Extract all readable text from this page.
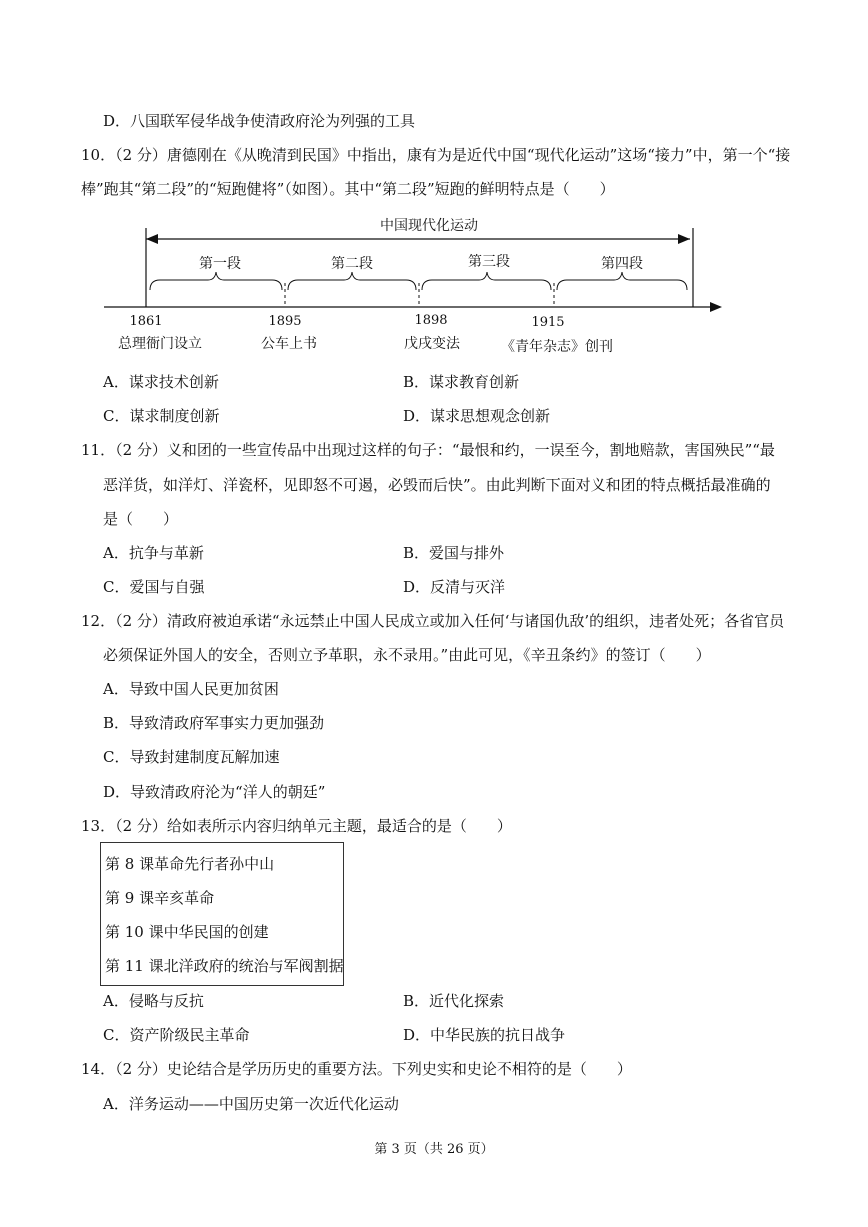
D．八国联军侵华战争使清政府沦为列强的工具
10．（2 分）唐德刚在《从晚清到民国》中指出，康有为是近代中国“现代化运动”这场“接力”中，第一个“接
棒”跑其“第二段”的“短跑健将”（如图）。其中“第二段”短跑的鲜明特点是（　　）
中国现代化运动
第一段	第二段	第三段	第四段
1861	1895	1898	1915
总理衙门设立	公车上书	戊戌变法	《青年杂志》创刊
A．谋求技术创新	B．谋求教育创新
C．谋求制度创新	D．谋求思想观念创新
11．（2 分）义和团的一些宣传品中出现过这样的句子：“最恨和约，一误至今，割地赔款，害国殃民”“最
恶洋货，如洋灯、洋瓷杯，见即怒不可遏，必毁而后快”。由此判断下面对义和团的特点概括最准确的
是（　　）
A．抗争与革新	B．爱国与排外
C．爱国与自强	D．反清与灭洋
12．（2 分）清政府被迫承诺“永远禁止中国人民成立或加入任何‘与诸国仇敌’的组织，违者处死；各省官员
必须保证外国人的安全，否则立予革职，永不录用。”由此可见，《辛丑条约》的签订（　　）
A．导致中国人民更加贫困
B．导致清政府军事实力更加强劲
C．导致封建制度瓦解加速
D．导致清政府沦为“洋人的朝廷”
13．（2 分）给如表所示内容归纳单元主题，最适合的是（　　）
第 8 课革命先行者孙中山
第 9 课辛亥革命
第 10 课中华民国的创建
第 11 课北洋政府的统治与军阀割据
A．侵略与反抗	B．近代化探索
C．资产阶级民主革命	D．中华民族的抗日战争
14．（2 分）史论结合是学历历史的重要方法。下列史实和史论不相符的是（　　）
A．洋务运动——中国历史第一次近代化运动
第 3 页（共 26 页）
